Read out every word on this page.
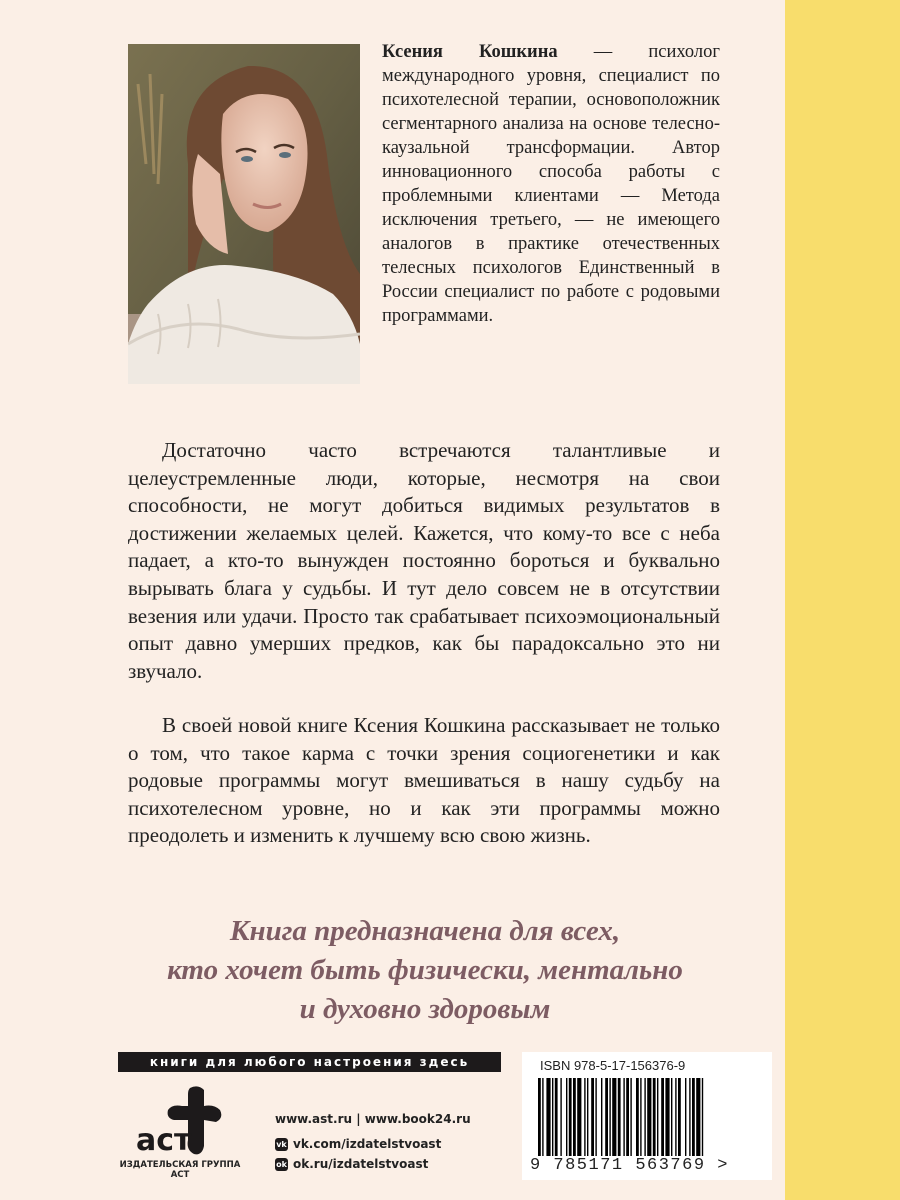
Ксения Кошкина — психолог международного уровня, специалист по психотелесной терапии, основоположник сегментарного анализа на основе телесно-каузальной трансформации. Автор инновационного способа работы с проблемными клиентами — Метода исключения третьего, — не имеющего аналогов в практике отечественных телесных психологов Единственный в России специалист по работе с родовыми программами.

Достаточно часто встречаются талантливые и целеустремленные люди, которые, несмотря на свои способности, не могут добиться видимых результатов в достижении желаемых целей. Кажется, что кому-то все с неба падает, а кто-то вынужден постоянно бороться и буквально вырывать блага у судьбы. И тут дело совсем не в отсутствии везения или удачи. Просто так срабатывает психоэмоциональный опыт давно умерших предков, как бы парадоксально это ни звучало.

В своей новой книге Ксения Кошкина рассказывает не только о том, что такое карма с точки зрения социогенетики и как родовые программы могут вмешиваться в нашу судьбу на психотелесном уровне, но и как эти программы можно преодолеть и изменить к лучшему всю свою жизнь.

Книга предназначена для всех,
кто хочет быть физически, ментально
и духовно здоровым

книги для любого настроения здесь
аст
ИЗДАТЕЛЬСКАЯ ГРУППА АСТ
www.ast.ru | www.book24.ru
vk vk.com/izdatelstvoast
ok ok.ru/izdatelstvoast
ISBN 978-5-17-156376-9
9 785171 563769 >
